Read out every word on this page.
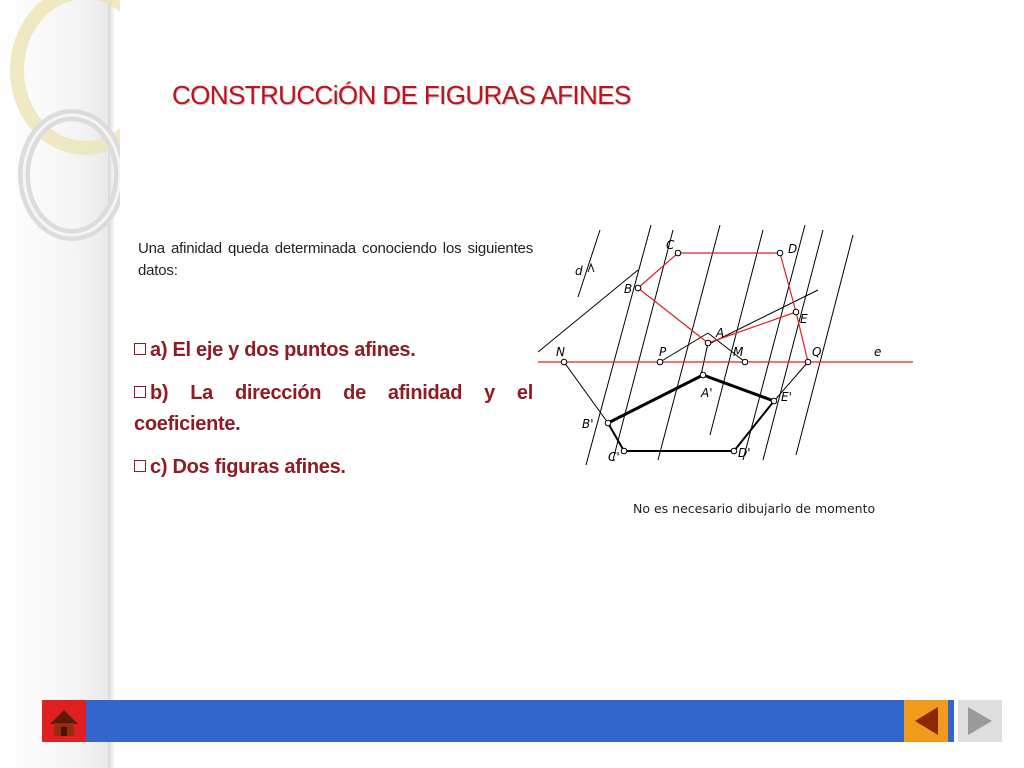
CONSTRUCCiÓN DE FIGURAS AFINES

Una afinidad queda determinada conociendo los siguientes datos:

a) El eje y dos puntos afines.
b) La dirección de afinidad y el coeficiente.
c) Dos figuras afines.
C	D
d
B
E
A
N	P	M	Q	e
A'
B'
E'
C'	D'

No es necesario dibujarlo de momento
